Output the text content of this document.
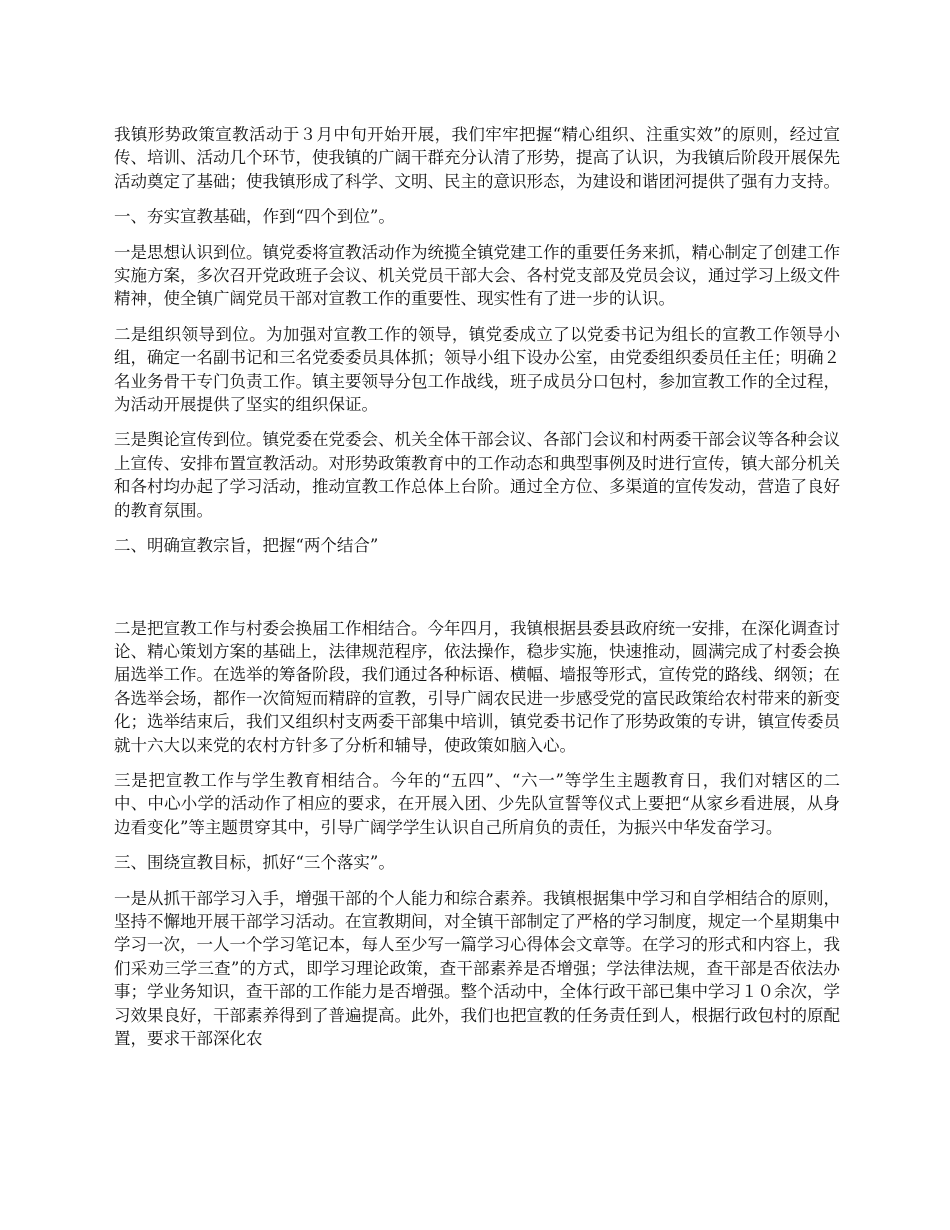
我镇形势政策宣教活动于３月中旬开始开展，我们牢牢把握“精心组织、注重实效”的原则，经过宣传、培训、活动几个环节，使我镇的广阔干群充分认清了形势，提高了认识，为我镇后阶段开展保先活动奠定了基础；使我镇形成了科学、文明、民主的意识形态，为建设和谐团河提供了强有力支持。

一、夯实宣教基础，作到“四个到位”。

一是思想认识到位。镇党委将宣教活动作为统揽全镇党建工作的重要任务来抓，精心制定了创建工作实施方案，多次召开党政班子会议、机关党员干部大会、各村党支部及党员会议，通过学习上级文件精神，使全镇广阔党员干部对宣教工作的重要性、现实性有了进一步的认识。

二是组织领导到位。为加强对宣教工作的领导，镇党委成立了以党委书记为组长的宣教工作领导小组，确定一名副书记和三名党委委员具体抓；领导小组下设办公室，由党委组织委员任主任；明确２名业务骨干专门负责工作。镇主要领导分包工作战线，班子成员分口包村，参加宣教工作的全过程，为活动开展提供了坚实的组织保证。

三是舆论宣传到位。镇党委在党委会、机关全体干部会议、各部门会议和村两委干部会议等各种会议上宣传、安排布置宣教活动。对形势政策教育中的工作动态和典型事例及时进行宣传，镇大部分机关和各村均办起了学习活动，推动宣教工作总体上台阶。通过全方位、多渠道的宣传发动，营造了良好的教育氛围。

二、明确宣教宗旨，把握“两个结合”

二是把宣教工作与村委会换届工作相结合。今年四月，我镇根据县委县政府统一安排，在深化调查讨论、精心策划方案的基础上，法律规范程序，依法操作，稳步实施，快速推动，圆满完成了村委会换届选举工作。在选举的筹备阶段，我们通过各种标语、横幅、墙报等形式，宣传党的路线、纲领；在各选举会场，都作一次简短而精辟的宣教，引导广阔农民进一步感受党的富民政策给农村带来的新变化；选举结束后，我们又组织村支两委干部集中培训，镇党委书记作了形势政策的专讲，镇宣传委员就十六大以来党的农村方针多了分析和辅导，使政策如脑入心。

三是把宣教工作与学生教育相结合。今年的“五四”、“六一”等学生主题教育日，我们对辖区的二中、中心小学的活动作了相应的要求，在开展入团、少先队宣誓等仪式上要把“从家乡看进展，从身边看变化”等主题贯穿其中，引导广阔学学生认识自己所肩负的责任，为振兴中华发奋学习。

三、围绕宣教目标，抓好“三个落实”。

一是从抓干部学习入手，增强干部的个人能力和综合素养。我镇根据集中学习和自学相结合的原则，坚持不懈地开展干部学习活动。在宣教期间，对全镇干部制定了严格的学习制度，规定一个星期集中学习一次，一人一个学习笔记本，每人至少写一篇学习心得体会文章等。在学习的形式和内容上，我们采劝三学三查”的方式，即学习理论政策，查干部素养是否增强；学法律法规，查干部是否依法办事；学业务知识，查干部的工作能力是否增强。整个活动中，全体行政干部已集中学习１０余次，学习效果良好，干部素养得到了普遍提高。此外，我们也把宣教的任务责任到人，根据行政包村的原配置，要求干部深化农
